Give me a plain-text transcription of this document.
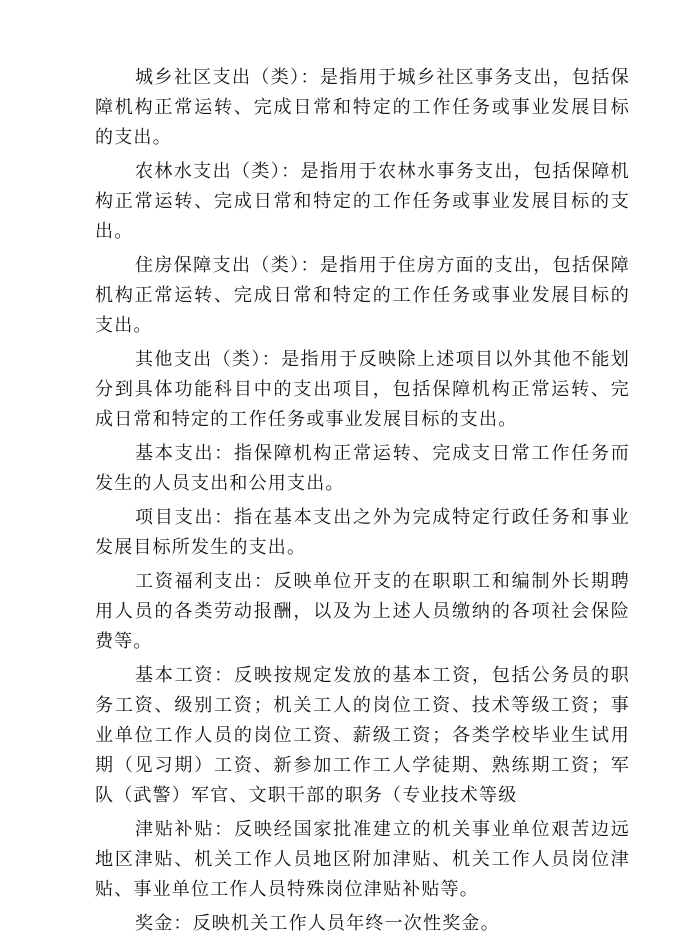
城乡社区支出（类）：是指用于城乡社区事务支出，包括保障机构正常运转、完成日常和特定的工作任务或事业发展目标的支出。

农林水支出（类）：是指用于农林水事务支出，包括保障机构正常运转、完成日常和特定的工作任务或事业发展目标的支出。

住房保障支出（类）：是指用于住房方面的支出，包括保障机构正常运转、完成日常和特定的工作任务或事业发展目标的支出。

其他支出（类）：是指用于反映除上述项目以外其他不能划分到具体功能科目中的支出项目，包括保障机构正常运转、完成日常和特定的工作任务或事业发展目标的支出。

基本支出：指保障机构正常运转、完成支日常工作任务而发生的人员支出和公用支出。

项目支出：指在基本支出之外为完成特定行政任务和事业发展目标所发生的支出。

工资福利支出：反映单位开支的在职职工和编制外长期聘用人员的各类劳动报酬，以及为上述人员缴纳的各项社会保险费等。

基本工资：反映按规定发放的基本工资，包括公务员的职务工资、级别工资；机关工人的岗位工资、技术等级工资；事业单位工作人员的岗位工资、薪级工资；各类学校毕业生试用期（见习期）工资、新参加工作工人学徒期、熟练期工资；军队（武警）军官、文职干部的职务（专业技术等级

津贴补贴：反映经国家批准建立的机关事业单位艰苦边远地区津贴、机关工作人员地区附加津贴、机关工作人员岗位津贴、事业单位工作人员特殊岗位津贴补贴等。

奖金：反映机关工作人员年终一次性奖金。
